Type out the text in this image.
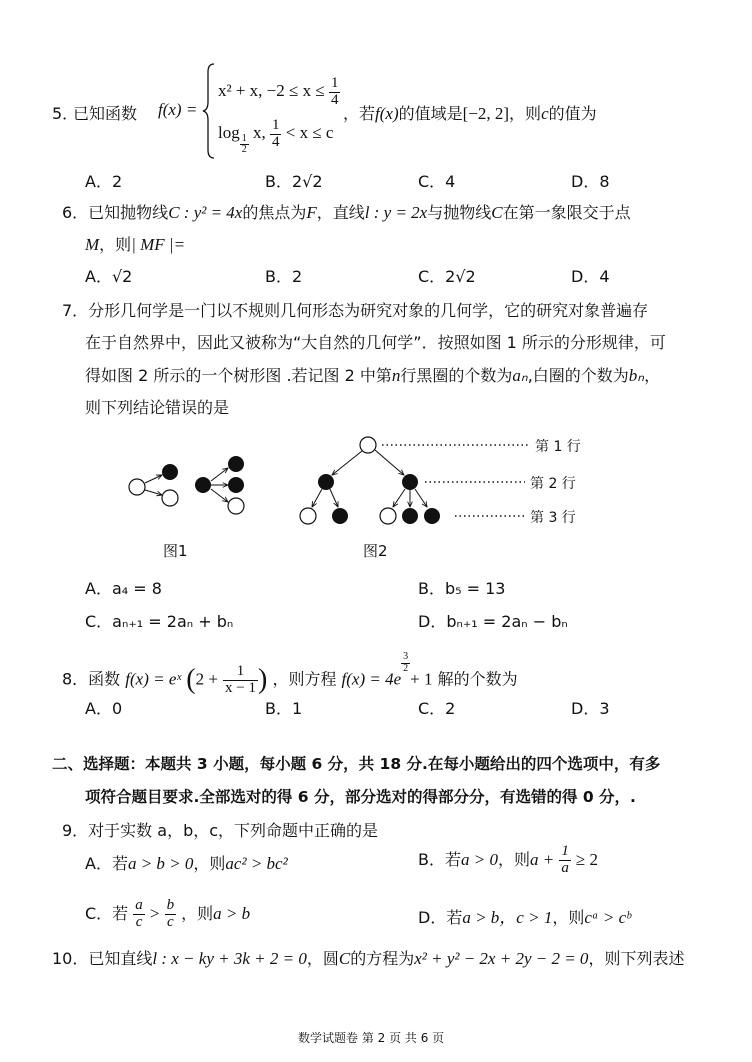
5．
已知函数 f(x) =
x² + x, $-2 \le x \le \frac{1}{4}$
log
$\frac{1}{2}$
x, $\frac{1}{4} < x \le c$
，若f(x)的值域是[−2, 2]，则c的值为
A．2	B．2√2	C．4	D．8
6．已知抛物线C : y² = 4x的焦点为F，直线l : y = 2x与抛物线C在第一象限交于点
M，则| MF |=
A．√2	B．2	C．2√2	D．4
7．分形几何学是一门以不规则几何形态为研究对象的几何学，它的研究对象普遍存
在于自然界中，因此又被称为“大自然的几何学”．按照如图 1 所示的分形规律，可
得如图 2 所示的一个树形图 .若记图 2 中第n行黑圈的个数为aₙ,白圈的个数为bₙ，
则下列结论错误的是
第 1 行
第 2 行
第 3 行
图1	图2
A．a₄ = 8	B．b₅ = 13
C．aₙ₊₁ = 2aₙ + bₙ	D．bₙ₊₁ = 2aₙ − bₙ
8．函数 f(x) = eˣ ($2 + \frac{1}{x - 1}$ ) ，则方程 f(x) = 4e
$\frac{3}{2}$
+ 1 解的个数为
A．0	B．1	C．2	D．3
二、选择题：本题共 3 小题，每小题 6 分，共 18 分.在每小题给出的四个选项中，有多
项符合题目要求.全部选对的得 6 分，部分选对的得部分分，有选错的得 0 分，.
9．对于实数 a，b，c，下列命题中正确的是
A．若a > b > 0，则ac² > bc²	B．若a > 0，则$a + \frac{1}{a} \ge 2$
C．若 $\frac{a}{c} > \frac{b}{c}$ ，则a > b	D．若a > b，c > 1，则cᵃ > cᵇ
10．已知直线l : x − ky + 3k + 2 = 0，圆C的方程为x² + y² − 2x + 2y − 2 = 0，则下列表述
数学试题卷 第 2 页 共 6 页
